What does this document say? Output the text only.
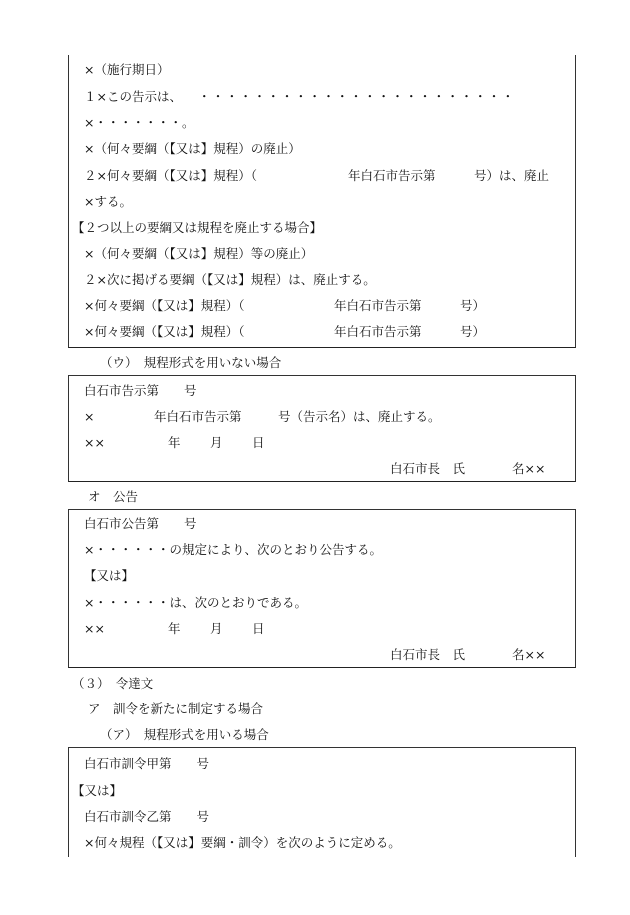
×（施行期日）
１×この告示は、 ・・・・・・・・・・・・・・・・・・・・・・・
×・・・・・・・。
×（何々要綱（【又は】規程）の廃止）
２×何々要綱（【又は】規程）（	年白石市告示第	号）は、廃止
×する。
【２つ以上の要綱又は規程を廃止する場合】
×（何々要綱（【又は】規程）等の廃止）
２×次に掲げる要綱（【又は】規程）は、廃止する。
×何々要綱（【又は】規程）（	年白石市告示第	号）
×何々要綱（【又は】規程）（	年白石市告示第	号）
（ウ）　規程形式を用いない場合
白石市告示第　　号
×	年白石市告示第	号（告示名）は、廃止する。
××	年 月 日
白石市長　氏	名××
オ　公告
白石市公告第　　号
×・・・・・・の規定により、次のとおり公告する。
【又は】
×・・・・・・は、次のとおりである。
××	年 月 日
白石市長　氏	名××
（３）　令達文
ア　訓令を新たに制定する場合
（ア）　規程形式を用いる場合
白石市訓令甲第　　号
【又は】
白石市訓令乙第　　号
×何々規程（【又は】要綱・訓令）を次のように定める。
